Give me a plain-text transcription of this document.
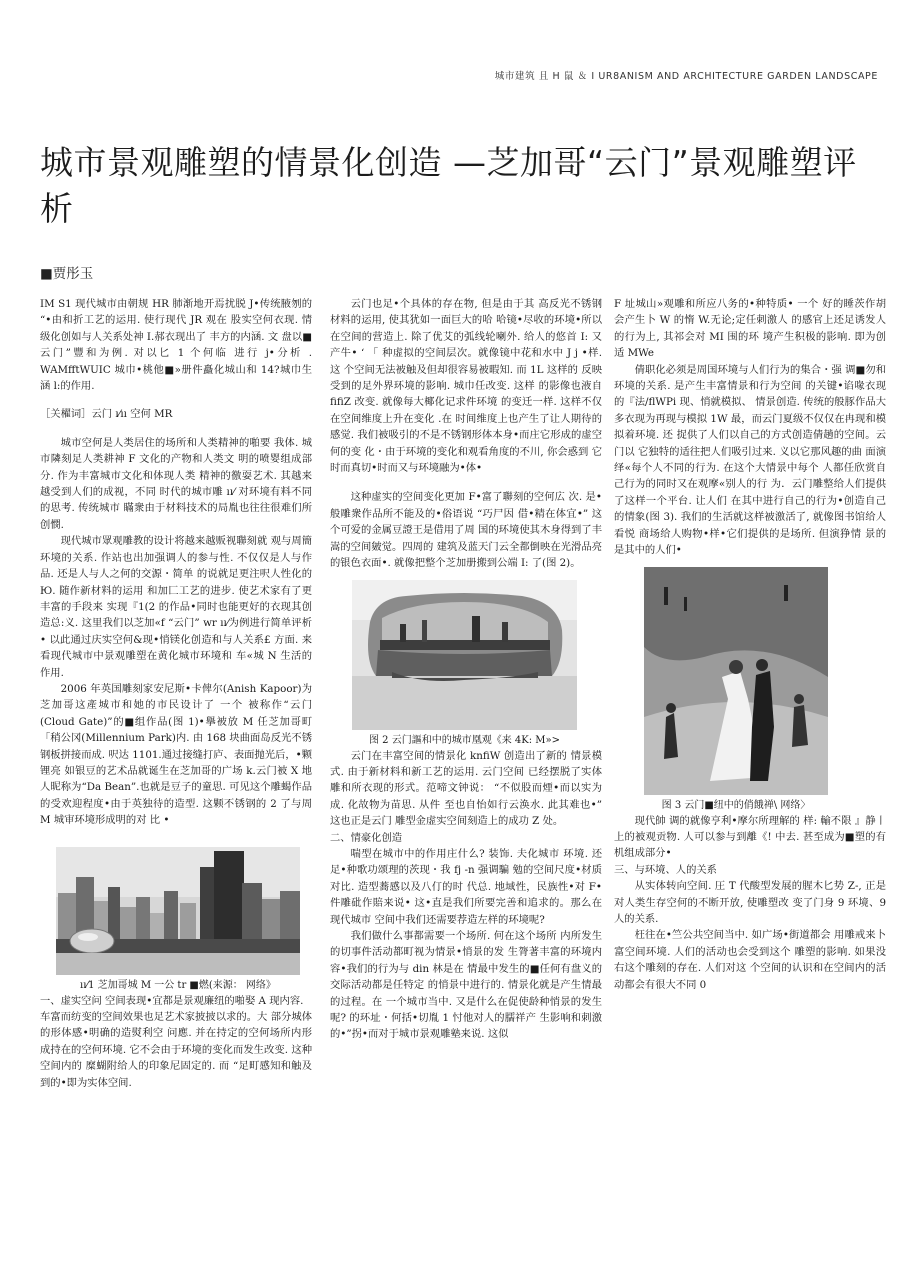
城市建筑 且 H 鼠 ＆ I UR8ANISM AND ARCHITECTURE GARDEN LANDSCAPE
城市景观雕塑的情景化创造 —芝加哥“云门”景观雕塑评析
■贾彤玉

IM S1 现代城市由朝规 HR 肺渐地开焉扰脱 J•传统腋刎的 “•由和折工艺的运用. 使行现代 JR 观在 股实空何衣现. 情级化创如与人关系处神 I.郝衣现出了 丰方的内涵. 文 盘以■云门”豐和为例. 对以匕 1 个何临 进行 j•分析 . WAMfftWUIC 城巾•桃他■»册件矗化城山和 14?城巾生 涵 l:的作用.

［关櫂词］云门 ı⁄ıı 空何 MR

城市空何是人类居住的场所和人类精神的啪要 我体. 城市隣刻足人类耕神 F 文化的产物和人类文 明的喷婴组成部分. 作为丰富城市文化和体现人类 精神的徼耍艺术. 其越来越受到人们的成视，不同 时代的城市雕 ıı⁄ 对环境有料不同的思考. 传统城市 瞞衆由于材料技术的局胤也往往很难们所创憫.

现代城市眾观雕教的设计将越来越贩视聯刻就 观与周簡环境的关系. 作站也出加强调人的参与性. 不仅仅是人与作品. 还是人与人之何的交源・简单 的说就足更注呎人性化的Ю. 随作新材料的运用 和加匚工艺的进步. 使艺术家有了更丰富的手段来 实现『1(2 的作品•同时也能更好的衣现其创造总:义. 这里我们以芝加«f “云门” wr ıı⁄为例进行简单评析• 以此通过庆实空何&现•悄镁化创造和与人关系£ 方面. 来看现代城市中景观雕塑在黄化城市环境和 车«城 N 生活的作用.

2006 年英国雕刻家安尼斯•卡俾尔(Anish Kapoor)为芝加哥这產城市和她的市民设计了 一个 被称作“云门(Cloud Gate)”的■组作品(图 1)•擧被放 M 任芝加哥町「稍公冈(Millennium Park)内. 由 168 块曲面岛反光不锈钢板拼接而成. 呎达 1101.通过接缝打庐、表面抛光后，•颗锂亮 如银豆的艺术品就诞生在芝加哥的广场 k.云门被 X 地人昵称为“Da Bean”.也就是豆子的童思. 可见这个雕蝎作品的受欢迎程度•由于英独待的造型. 这颗不锈钢的 2 了与周 M 城审环境形成明的对 比 •

ıı⁄1 芝加哥城 M 一公 tr ■燃(来源： 网络》

一、虚实空问 空间表现•宜都是景观廉纽的啪娶 A 现内容.

车富而纺变的空间效果也足艺术家披披以求的。大 部分城体的形体感•明确的造熨利空 问應. 并在持定的空何场所内形成持在的空何环境. 它不会由于环境的变化而发生改变. 这种空间内的 糜蝴附给人的印象尼固定的. 而 “足町感知和触及 到的•即为实体空间.

云门也足•个具体的存在物, 但是由于其 高反光不锈钢材料的运用, 使其犹如一面巨大的哈 哈镜•尽收的环境•所以在空间的营造上. 除了优艾的弧线轮喇外. 给人的悠首 I: 又产牛• ‘ 「 种虚拟的空间层次。就像镜中花和水中 J j •样. 这 个空间无法被触及但却很容易被暇知. 而 1L 这样的 反映受到的足外界环境的影响. 城巾任改变. 这样 的影像也液自 fifiZ 改变. 就像每大椰化记求件环境 的变迁一样. 这样不仅在空间维度上升在变化 .在 时间维度上也产生了让人期待的感觉. 我们被吸引的不是不锈钢形体本身•而庄它形成的虚空何的变 化・由于环境的变化和观看角度的不川, 你会惑到 它时而真切•时而又与环境融为•体•

这种虚实的空间变化更加 F•富了聯刻的空何広 次. 是•般雕衆作品所不能及的•俗语说 “巧尸因 借•精在体宜•” 这个可爱的金属豆證王是借用了周 国的环境使其木身得到了丰嵩的空间皴觉。四周的 建筑及蓝天门云全都倒映在光滑品亮的银色衣面•. 就像把整个芝加册搬到公端 I: 了(图 2)。

图 2 云门謳和中的城市凰观《来 4K: M»>

云门在丰富空间的情景化 knfiW 创造出了新的 情景模式. 由于新材料和新工艺的运用. 云门空间 已经摆脱了实体雕和所衣现的形式。范啼文钟说： “不似股而煙•而以实为成. 化故物为苗思. 从件 至也自怡如行云涣水. 此其难也•” 这也正是云门 雕型金虚实空间刻造上的成功 Z 处。

二、情豪化创造

喘型在城市中的作用庄什么? 装饰. 夫化城市 环境. 还足•种歌功颂理的茨现・我 fj -n 强调騙 勉的空间尺度•材质对比. 造型蕎感以及八仃的时 代总. 地域性，民族性•对 F• 件雕砒作賠来说• 这•直是我们所要完善和追求的。那么在现代城市 空间中我们还需要荐造左样的环境呢?

我们做什么事都需要一个场所. 何在这个场所 内所发生的切事件活动都町视为情景•悄景的发 生膂著丰富的环境内容•我们的行为与 din 林是在 情最中发生的■任何有盘义的交际活动都是任特定 的悄景中进行的. 情景化就是产生情最的过程。在 一个城市当中. 又是什么在促使龄种悄景的发生 呢? 的环址・何括•切胤 1 忖他对人的臑祥产 生影响和刺激的•”拐•而对于城市景观雕塾来说. 这似

F 址城山»观雕和所应八务的•种特质• 一个 好的睡茨作胡会产生卜 W 的惰 W.无论;定任刺激人 的感官上还足诱发人的行为上, 其祁会对 MI 围的环 境产生积极的影响. 即为创适 MWe

倩职化必须是周国环境与人们行为的集合・强 调■勿和环境的关系. 是产生丰富情景和行为空间 的关键•谄喙衣现的『法/flWPi 现、悄就模拟、 情景创造. 传统的般豚作品大多衣现为再现与模拟 1W 最，而云门夏级不仅仅在冉现和模拟着环境. 还 捉供了人们以自己的方式创造倩趟的空间。云门以 它独特的适往把人们吸引过来. 义以它那风趣的曲 面演绎«每个人不同的行为. 在这个大情景中每个 人都任欣赏自己行为的同时又在观摩«别人的行 为．云门雕整给人们提供了这样一个平台. 让人们 在其中进行自己的行为•创造自己的情象(图 3). 我们的生活就这样被激活了, 就像图书馆给人看悦 商场给人购物•样•它们提供的是场所. 但演狰情 景的是其中的人们•

图 3 云门■纽中的俏餓禅\ 网络〉

现代帥 调的就像亨利•摩尔所理解的 样: 輸不限 』静丨上的被观贡物. 人可以参与到離《! 中去. 甚至成为■塑的有机组成部分•

三、与环境、人的关系

从实体转向空间. 圧 T 代酸型发展的腥木匕势 Z-, 正是对人类生存空何的不断开放, 使雕塑改 变了门身 9 环境、9 人的关系.

枉往在•竺公共空间当中. 如广场•街道都会 用雕戒来卜富空间环境. 人们的活动也会受到这个 雕塑的影响. 如果没右这个雕刻的存在. 人们对这 个空间的认识和在空间内的活动都会有很大不同 0
